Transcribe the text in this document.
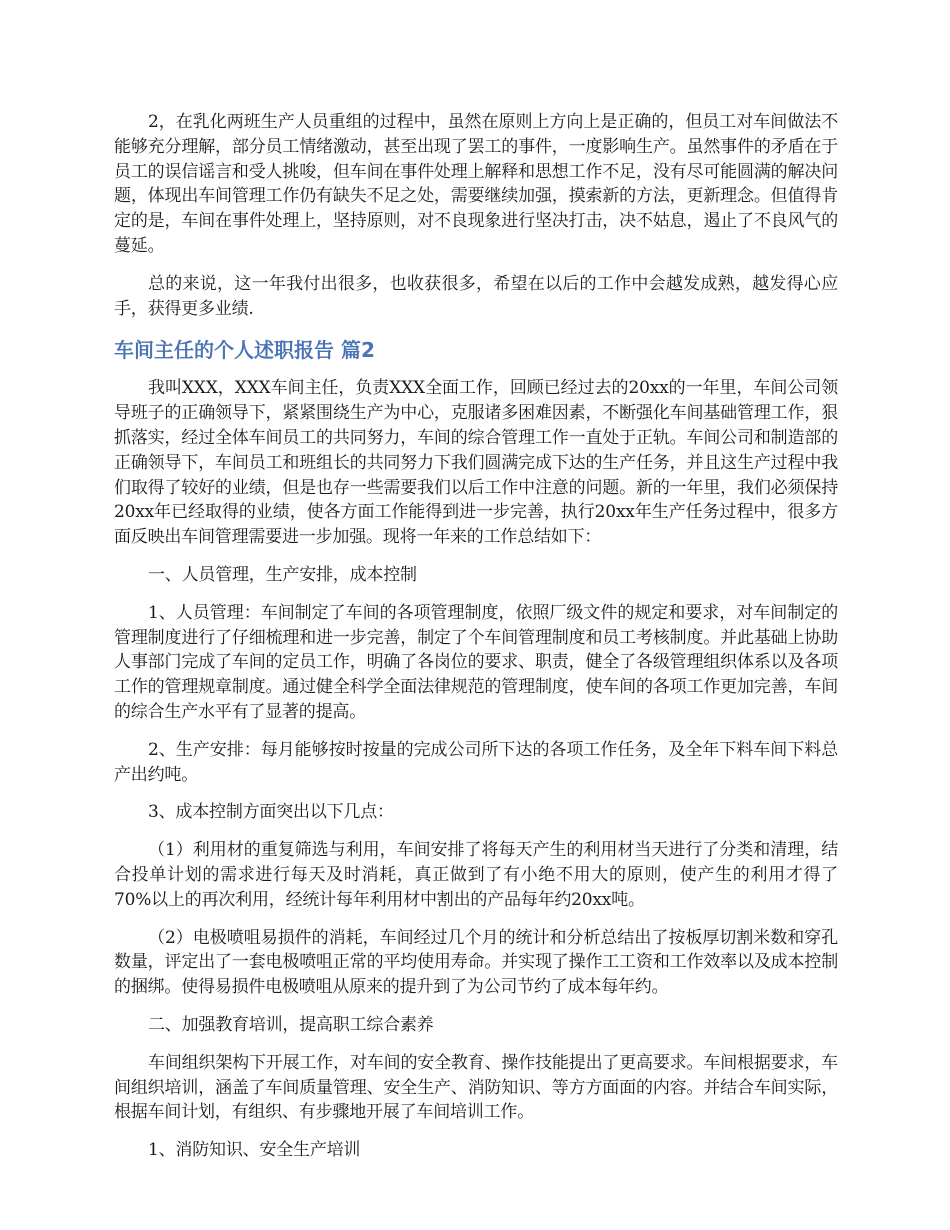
2，在乳化两班生产人员重组的过程中，虽然在原则上方向上是正确的，但员工对车间做法不能够充分理解，部分员工情绪激动，甚至出现了罢工的事件，一度影响生产。虽然事件的矛盾在于员工的误信谣言和受人挑唆，但车间在事件处理上解释和思想工作不足，没有尽可能圆满的解决问题，体现出车间管理工作仍有缺失不足之处，需要继续加强，摸索新的方法，更新理念。但值得肯定的是，车间在事件处理上，坚持原则，对不良现象进行坚决打击，决不姑息，遏止了不良风气的蔓延。

总的来说，这一年我付出很多，也收获很多，希望在以后的工作中会越发成熟，越发得心应手，获得更多业绩.

车间主任的个人述职报告 篇2

我叫XXX，XXX车间主任，负责XXX全面工作，回顾已经过去的20xx的一年里，车间公司领导班子的正确领导下，紧紧围绕生产为中心，克服诸多困难因素，不断强化车间基础管理工作，狠抓落实，经过全体车间员工的共同努力，车间的综合管理工作一直处于正轨。车间公司和制造部的正确领导下，车间员工和班组长的共同努力下我们圆满完成下达的生产任务，并且这生产过程中我们取得了较好的业绩，但是也存一些需要我们以后工作中注意的问题。新的一年里，我们必须保持20xx年已经取得的业绩，使各方面工作能得到进一步完善，执行20xx年生产任务过程中，很多方面反映出车间管理需要进一步加强。现将一年来的工作总结如下：

一、人员管理，生产安排，成本控制

1、人员管理：车间制定了车间的各项管理制度，依照厂级文件的规定和要求，对车间制定的管理制度进行了仔细梳理和进一步完善，制定了个车间管理制度和员工考核制度。并此基础上协助人事部门完成了车间的定员工作，明确了各岗位的要求、职责，健全了各级管理组织体系以及各项工作的管理规章制度。通过健全科学全面法律规范的管理制度，使车间的各项工作更加完善，车间的综合生产水平有了显著的提高。

2、生产安排：每月能够按时按量的完成公司所下达的各项工作任务，及全年下料车间下料总产出约吨。

3、成本控制方面突出以下几点：

（1）利用材的重复筛选与利用，车间安排了将每天产生的利用材当天进行了分类和清理，结合投单计划的需求进行每天及时消耗，真正做到了有小绝不用大的原则，使产生的利用才得了70%以上的再次利用，经统计每年利用材中割出的产品每年约20xx吨。

（2）电极喷咀易损件的消耗，车间经过几个月的统计和分析总结出了按板厚切割米数和穿孔数量，评定出了一套电极喷咀正常的平均使用寿命。并实现了操作工工资和工作效率以及成本控制的捆绑。使得易损件电极喷咀从原来的提升到了为公司节约了成本每年约。

二、加强教育培训，提高职工综合素养

车间组织架构下开展工作，对车间的安全教育、操作技能提出了更高要求。车间根据要求，车间组织培训，涵盖了车间质量管理、安全生产、消防知识、等方方面面的内容。并结合车间实际，根据车间计划，有组织、有步骤地开展了车间培训工作。

1、消防知识、安全生产培训
